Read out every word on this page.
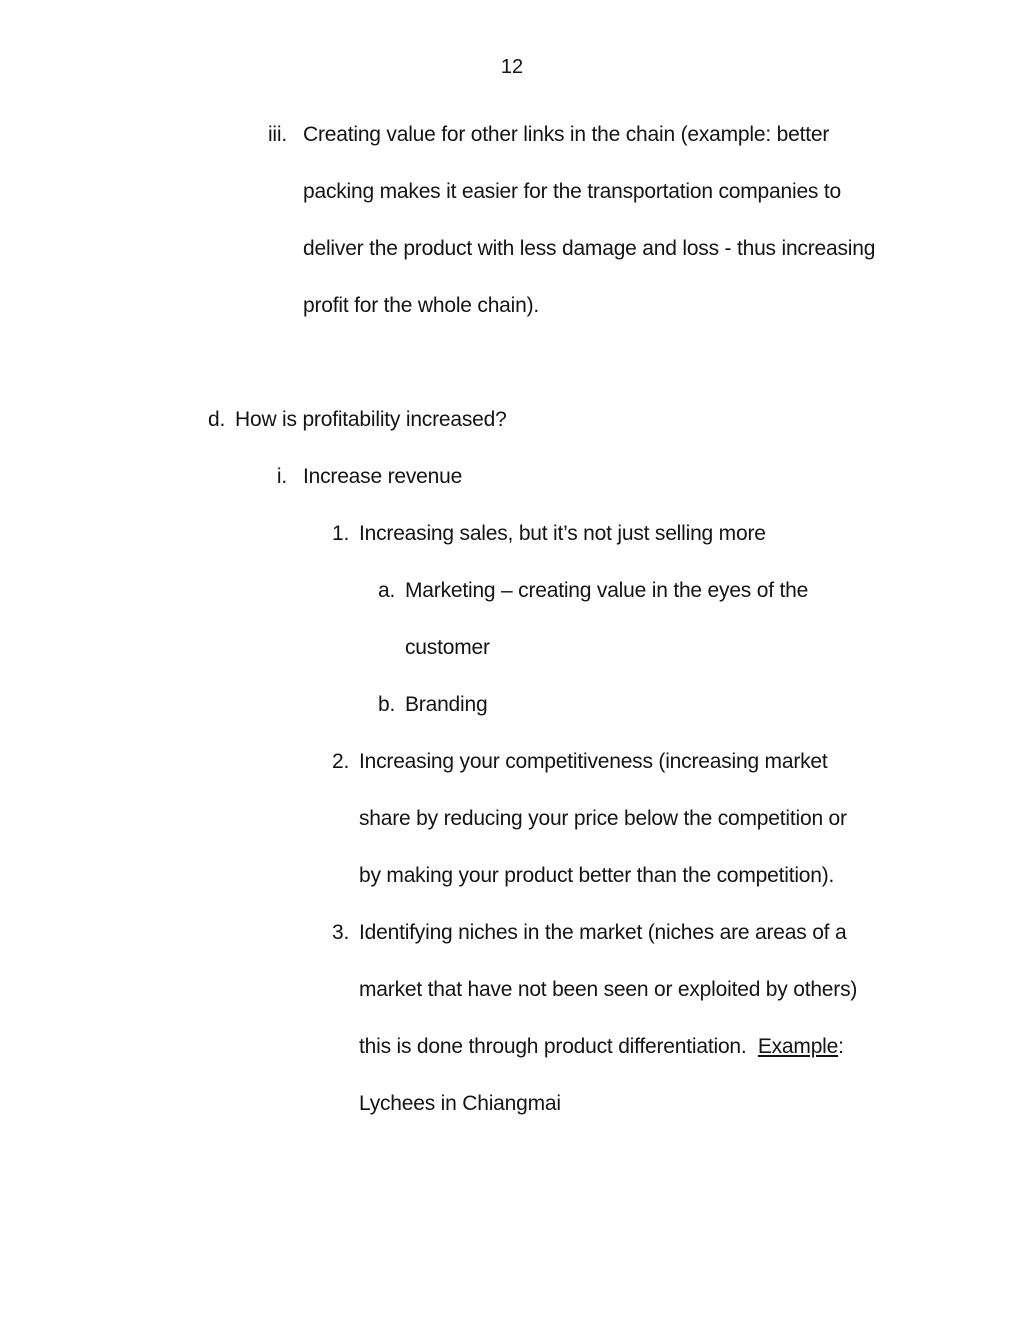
12
iii. Creating value for other links in the chain (example: better
packing makes it easier for the transportation companies to
deliver the product with less damage and loss - thus increasing
profit for the whole chain).
d. How is profitability increased?
i. Increase revenue
1. Increasing sales, but it’s not just selling more
a. Marketing – creating value in the eyes of the
customer
b. Branding
2. Increasing your competitiveness (increasing market
share by reducing your price below the competition or
by making your product better than the competition).
3. Identifying niches in the market (niches are areas of a
market that have not been seen or exploited by others)
this is done through product differentiation.  Example:
Lychees in Chiangmai
